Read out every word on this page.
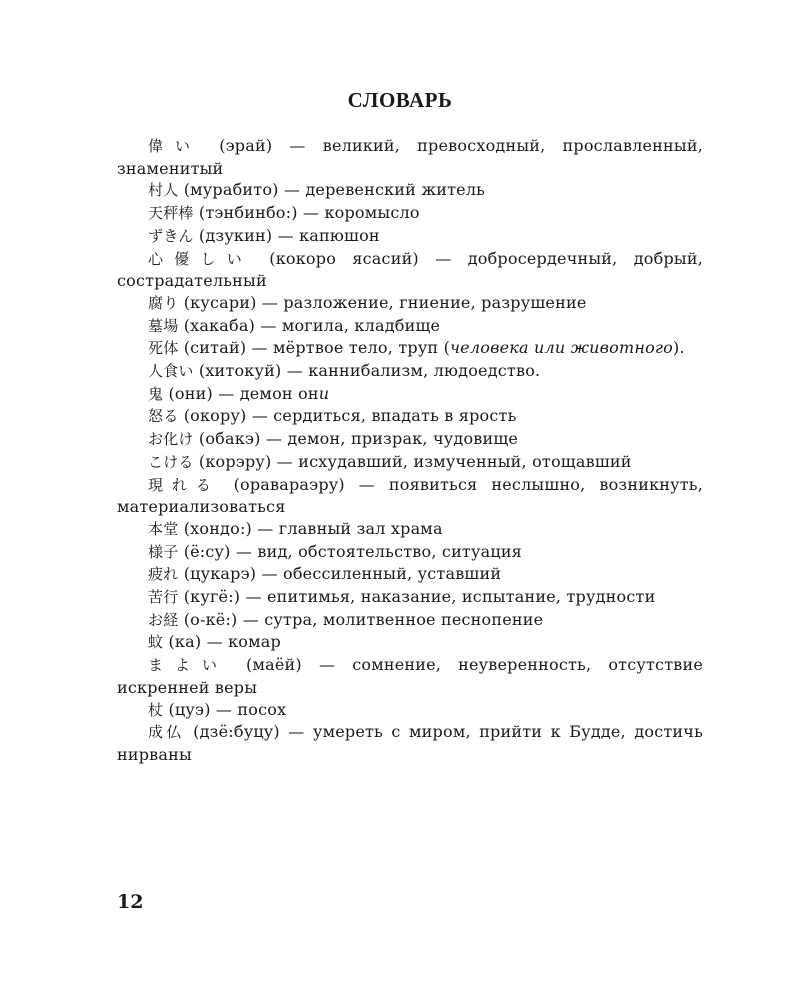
СЛОВАРЬ

偉い (эрай) — великий, превосходный, прославленный, знаменитый

村人 (мурабито) — деревенский житель

天秤棒 (тэнбинбо:) — коромысло

ずきん (дзукин) — капюшон

心優しい (кокоро ясасий) — добросердечный, добрый, сострадательный

腐り (кусари) — разложение, гниение, разрушение

墓場 (хакаба) — могила, кладбище

死体 (ситай) — мёртвое тело, труп (человека или животного).

人食い (хитокуй) — каннибализм, людоедство.

鬼 (они) — демон они

怒る (окору) — сердиться, впадать в ярость

お化け (обакэ) — демон, призрак, чудовище

こける (корэру) — исхудавший, измученный, отощавший

現れる (оравараэру) — появиться неслышно, возникнуть, материализоваться

本堂 (хондо:) — главный зал храма

様子 (ё:су) — вид, обстоятельство, ситуация

疲れ (цукарэ) — обессиленный, уставший

苦行 (кугё:) — епитимья, наказание, испытание, трудности

お経 (о-кё:) — сутра, молитвенное песнопение

蚊 (ка) — комар

まよい (маёй) — сомнение, неуверенность, отсутствие искренней веры

杖 (цуэ) — посох

成仏 (дзё:буцу) — умереть с миром, прийти к Будде, достичь нирваны

12
